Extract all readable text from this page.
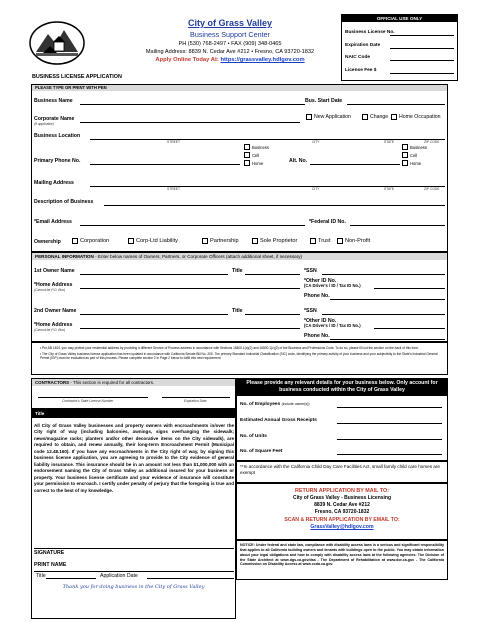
City of Grass Valley
Business Support Center
PH (530) 768-2497 • FAX (909) 348-0465
Mailing Address: 8839 N. Cedar Ave #212 • Fresno, CA 93720-1832
Apply Online Today At: https://grassvalley.hdlgov.com
BUSINESS LICENSE APPLICATION
OFFICIAL USE ONLY
Business License No.
Expiration Date
NAIC Code
License Fee $
PLEASE TYPE OR PRINT WITH PEN
Business Name	Bus. Start Date
Corporate Name
(If applicable)
New Application	Change Home Occupation
Business Location
STREET	CITY	STATE	ZIP CODE
Primary Phone No.
Business
Cell
Home	Alt. No.
Business
Cell
Home
Mailing Address
STREET	CITY	STATE	ZIP CODE
Description of Business
*Email Address	*Federal ID No.
Ownership	Corporation	Corp-Ltd Liability	Partnership	Sole Proprietor	Trust	Non-Profit
PERSONAL INFORMATION - Enter below names of Owners, Partners, or Corporate Officers (attach additional sheet, if necessary)
1st Owner Name	Title	*SSN
*Other ID No.
(CA Driver's / ID / Tax ID No.)
*Home Address
(Cannot be P.O. Box)
Phone No.
2nd Owner Name	Title	*SSN
*Other ID No.
(CA Driver's / ID / Tax ID No.)
*Home Address
(Cannot be P.O. Box)
Phone No.
• Per AB 1404, you may protect your residential address by providing a different Service of Process address in accordance with Sections 16800.1(a)(2) and 16800.1(c)(2) of the Business and Professions Code. To do so, please fill out the section on the back of this form.
• The City of Grass Valley business license application has been updated in accordance with California Senate Bill No. 205. The primary Standard Industrial Classification (SIC) code, identifying the primary activity of your business and your subjectivity to the State's Industrial General Permit (IGP) must be evaluated as part of this process. Please complete section 2 in Page 2 below to fulfill this new requirement.
CONTRACTORS - This section is required for all contractors.
Contractor's State License Number	Expiration Date
Title
All City of Grass Valley businesses and property owners with encroachments in/over the City right of way (including balconies, awnings, signs overhanging the sidewalk; news/magazine racks; planters and/or other decorative items on the City sidewalk), are required to obtain, and renew annually, their long-term Encroachment Permit (Municipal code 12.48.160). If you have any encroachments in the City right of way, by signing this business license application, you are agreeing to provide to the City evidence of general liability insurance. This insurance should be in an amount not less than $1,000,000 with an endorsement naming the City of Grass Valley as additional insured for your business or property. Your business license certificate and your evidence of insurance will constitute your permission to encroach. I certify under penalty of perjury that the foregoing is true and correct to the best of my knowledge.
SIGNATURE
PRINT NAME
Title	Application Date
Thank you for doing business in the City of Grass Valley
Please provide any relevant details for your business below. Only account for business conducted within the City of Grass Valley
No. of Employees (include owner(s))
Estimated Annual Gross Receipts
No. of Units
No. of Square Feet
**In accordance with the California Child Day Care Facilities Act, small family child care homes are exempt
RETURN APPLICATION BY MAIL TO:
City of Grass Valley - Business Licensing
8839 N. Cedar Ave #212
Fresno, CA 93720-1832
SCAN & RETURN APPLICATION BY EMAIL TO:
GrassValley@hdlgov.com
NOTICE: Under federal and state law, compliance with disability access laws is a serious and significant responsibility that applies to all California building owners and tenants with buildings open to the public. You may obtain information about your legal obligations and how to comply with disability access laws at the following agencies: The Division of the State Architect at www.dgs.ca.gov/dsa - The Department of Rehabilitation at www.dor.ca.gov - The California Commission on Disability Access at www.ccda.ca.gov.
